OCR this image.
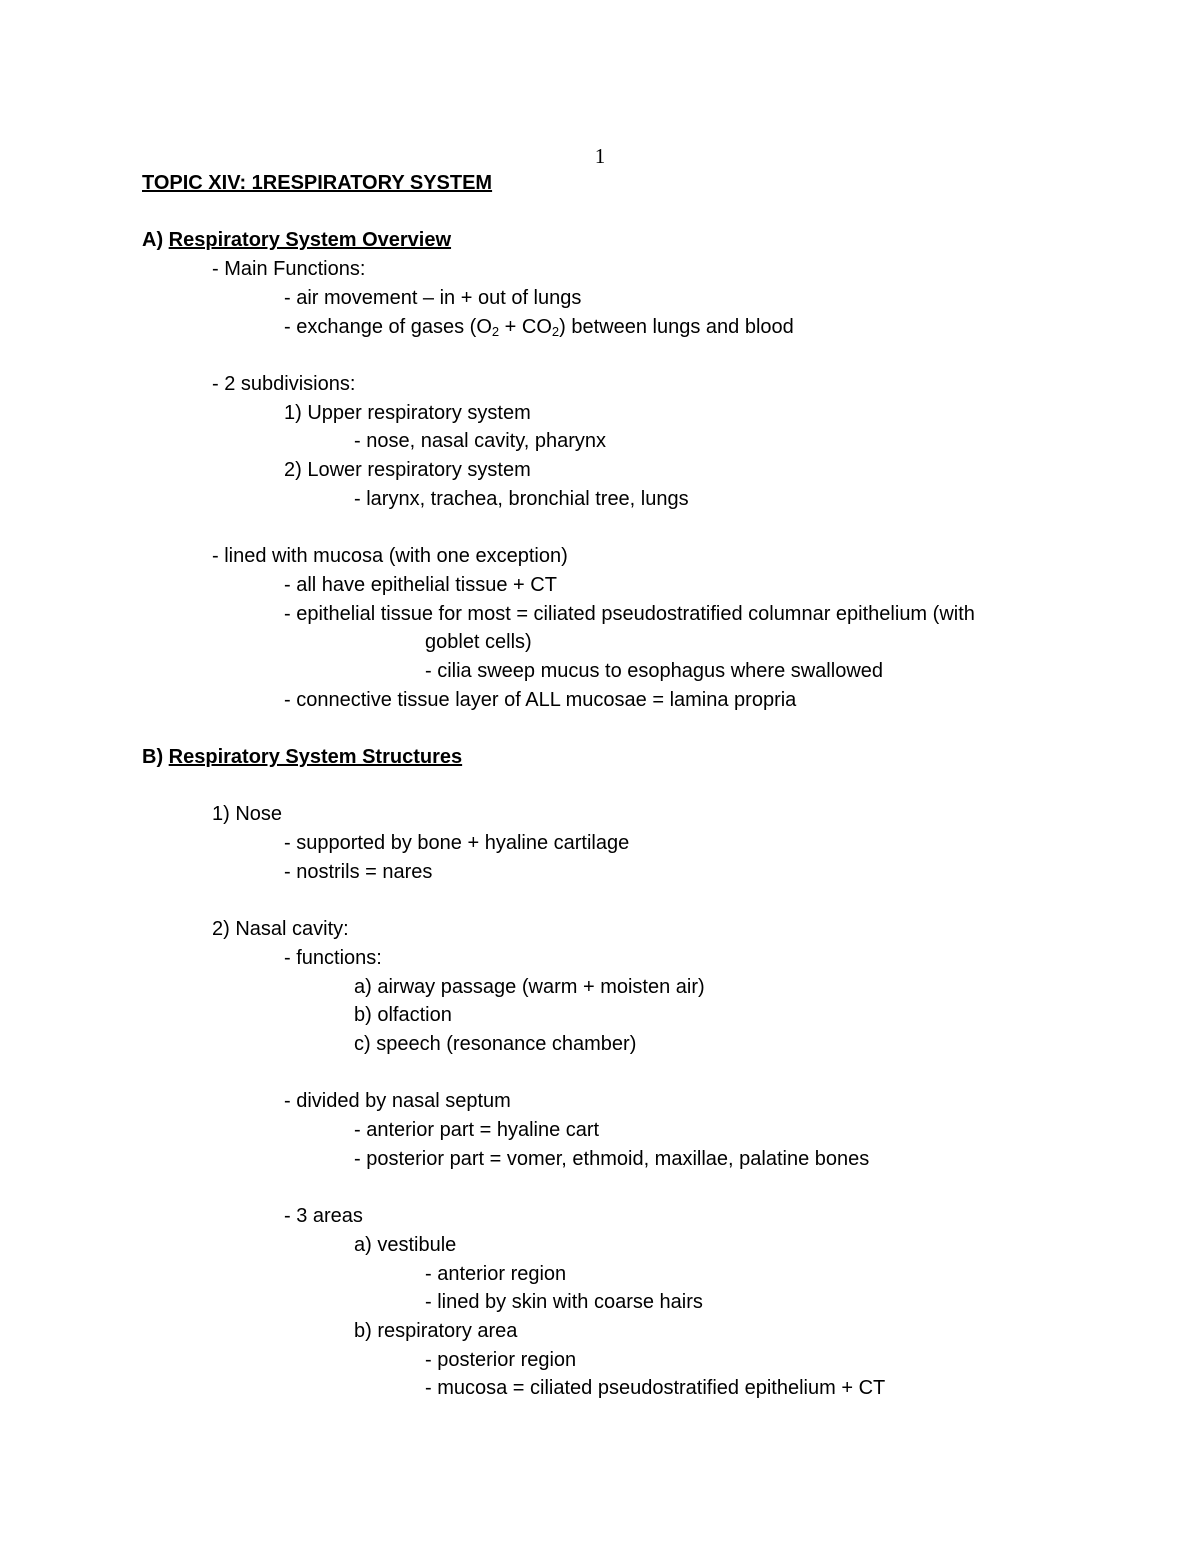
1
TOPIC XIV: 1RESPIRATORY SYSTEM
A) Respiratory System Overview
- Main Functions:
- air movement – in + out of lungs
- exchange of gases $(O_2 + CO_2)$ between lungs and blood
- 2 subdivisions:
1) Upper respiratory system
- nose, nasal cavity, pharynx
2) Lower respiratory system
- larynx, trachea, bronchial tree, lungs
- lined with mucosa (with one exception)
- all have epithelial tissue + CT
- epithelial tissue for most = ciliated pseudostratified columnar epithelium (with
goblet cells)
- cilia sweep mucus to esophagus where swallowed
- connective tissue layer of ALL mucosae = lamina propria
B) Respiratory System Structures
1) Nose
- supported by bone + hyaline cartilage
- nostrils = nares
2) Nasal cavity:
- functions:
a) airway passage (warm + moisten air)
b) olfaction
c) speech (resonance chamber)
- divided by nasal septum
- anterior part = hyaline cart
- posterior part = vomer, ethmoid, maxillae, palatine bones
- 3 areas
a) vestibule
- anterior region
- lined by skin with coarse hairs
b) respiratory area
- posterior region
- mucosa = ciliated pseudostratified epithelium + CT
